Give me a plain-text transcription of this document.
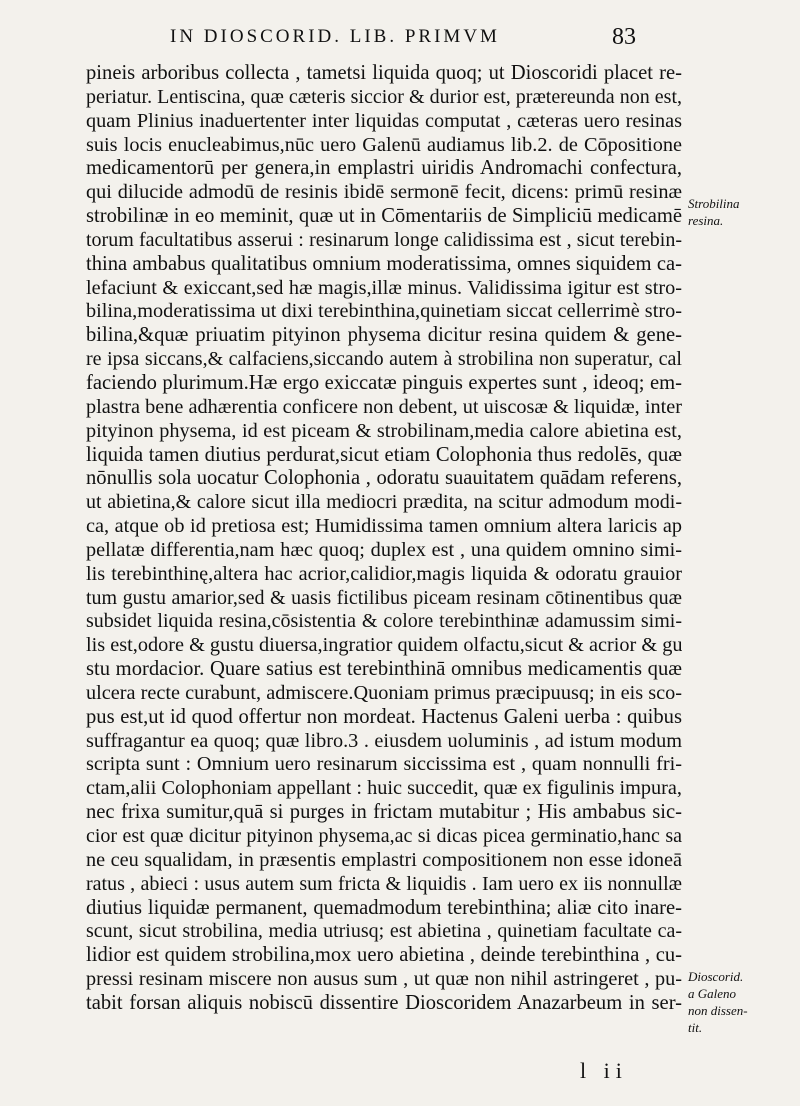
IN DIOSCORID. LIB. PRIMVM	83
pineis arboribus collecta , tametsi liquida quoq; ut Dioscoridi placet re-
periatur. Lentiscina, quæ cæteris siccior & durior est, prætereunda non est,
quam Plinius inaduertenter inter liquidas computat , cæteras uero resinas
suis locis enucleabimus,nūc uero Galenū audiamus lib.2. de Cōpositione
medicamentorū per genera,in emplastri uiridis Andromachi confectura,
qui dilucide admodū de resinis ibidē sermonē fecit, dicens: primū resinæ
strobilinæ in eo meminit, quæ ut in Cōmentariis de Simpliciū medicamē
torum facultatibus asserui : resinarum longe calidissima est , sicut terebin-
thina ambabus qualitatibus omnium moderatissima, omnes siquidem ca-
lefaciunt & exiccant,sed hæ magis,illæ minus. Validissima igitur est stro-
bilina,moderatissima ut dixi terebinthina,quinetiam siccat cellerrimè stro-
bilina,&quæ priuatim pityinon physema dicitur resina quidem & gene-
re ipsa siccans,& calfaciens,siccando autem à strobilina non superatur, cal
faciendo plurimum.Hæ ergo exiccatæ pinguis expertes sunt , ideoq; em-
plastra bene adhærentia conficere non debent, ut uiscosæ & liquidæ, inter
pityinon physema, id est piceam & strobilinam,media calore abietina est,
liquida tamen diutius perdurat,sicut etiam Colophonia thus redolēs, quæ
nōnullis sola uocatur Colophonia , odoratu suauitatem quādam referens,
ut abietina,& calore sicut illa mediocri prædita, na scitur admodum modi-
ca, atque ob id pretiosa est; Humidissima tamen omnium altera laricis ap
pellatæ differentia,nam hæc quoq; duplex est , una quidem omnino simi-
lis terebinthinę,altera hac acrior,calidior,magis liquida & odoratu grauior
tum gustu amarior,sed & uasis fictilibus piceam resinam cōtinentibus quæ
subsidet liquida resina,cōsistentia & colore terebinthinæ adamussim simi-
lis est,odore & gustu diuersa,ingratior quidem olfactu,sicut & acrior & gu
stu mordacior. Quare satius est terebinthinā omnibus medicamentis quæ
ulcera recte curabunt, admiscere.Quoniam primus præcipuusq; in eis sco-
pus est,ut id quod offertur non mordeat. Hactenus Galeni uerba : quibus
suffragantur ea quoq; quæ libro.3 . eiusdem uoluminis , ad istum modum
scripta sunt : Omnium uero resinarum siccissima est , quam nonnulli fri-
ctam,alii Colophoniam appellant : huic succedit, quæ ex figulinis impura,
nec frixa sumitur,quā si purges in frictam mutabitur ; His ambabus sic-
cior est quæ dicitur pityinon physema,ac si dicas picea germinatio,hanc sa
ne ceu squalidam, in præsentis emplastri compositionem non esse idoneā
ratus , abieci : usus autem sum fricta & liquidis . Iam uero ex iis nonnullæ
diutius liquidæ permanent, quemadmodum terebinthina; aliæ cito inare-
scunt, sicut strobilina, media utriusq; est abietina , quinetiam facultate ca-
lidior est quidem strobilina,mox uero abietina , deinde terebinthina , cu-
pressi resinam miscere non ausus sum , ut quæ non nihil astringeret , pu-
tabit forsan aliquis nobiscū dissentire Dioscoridem Anazarbeum in ser-
Strobilina
resina.
Dioscorid.
a Galeno
non dissen-
tit.
l ii
